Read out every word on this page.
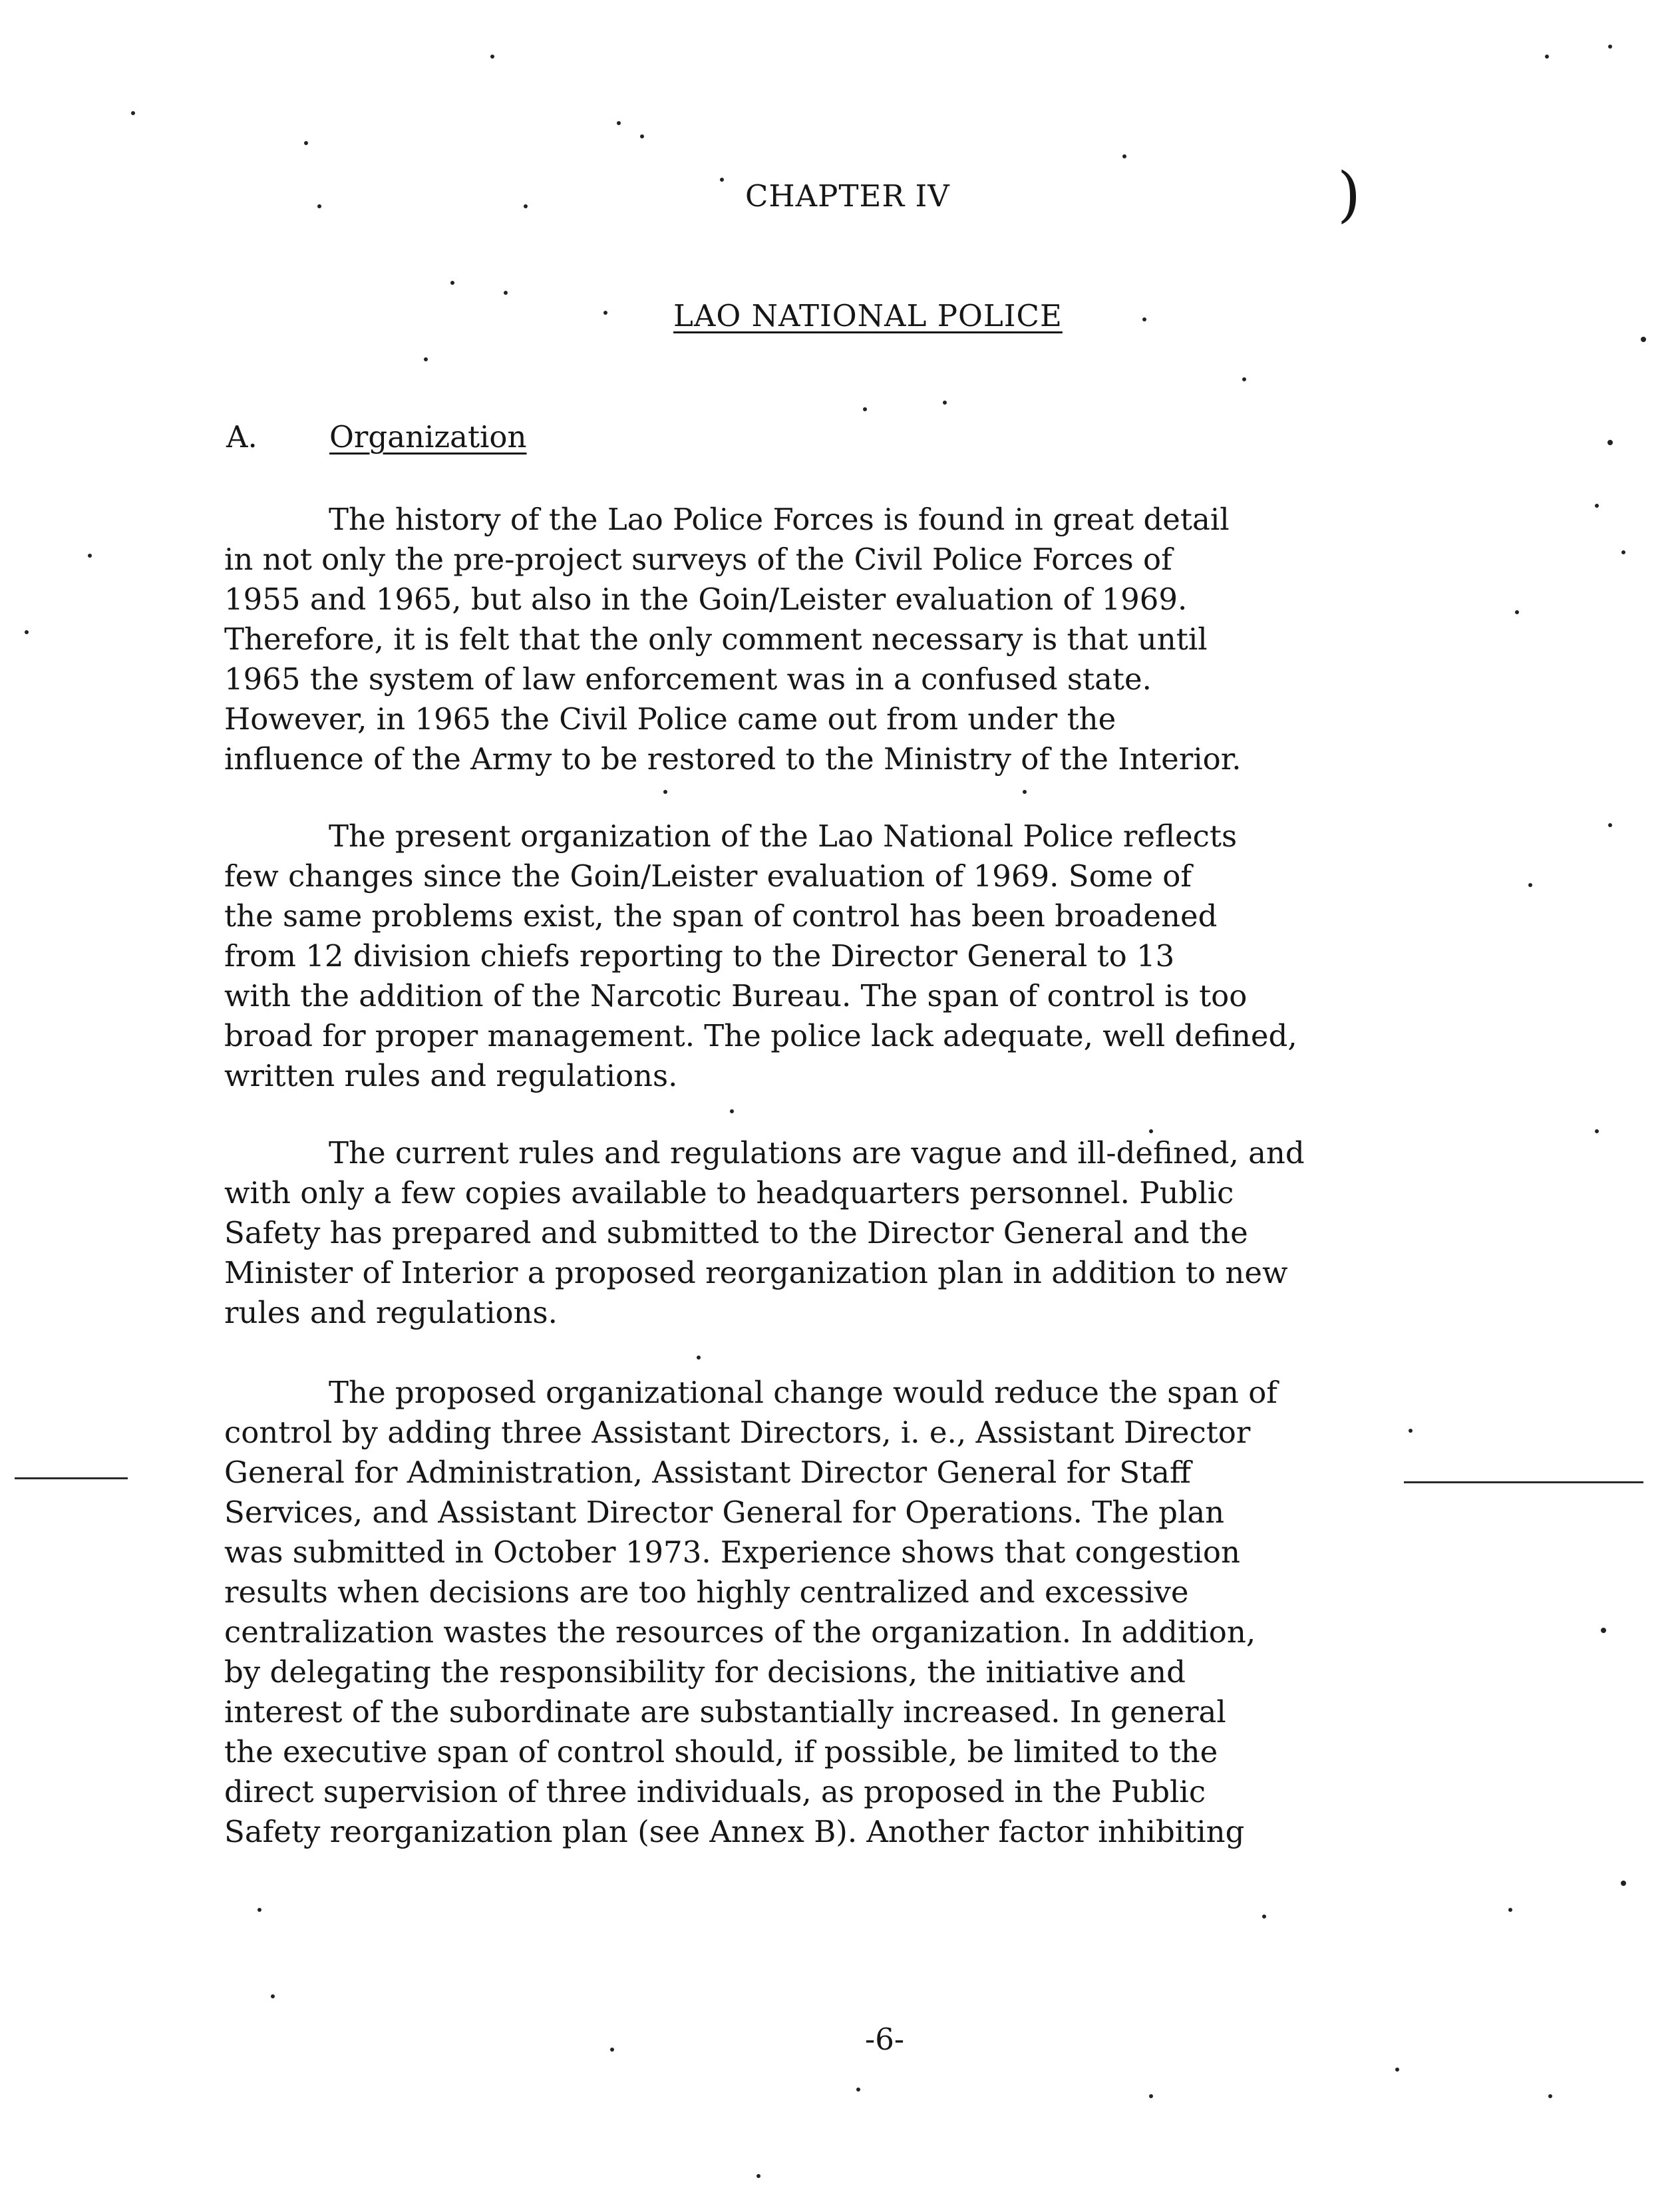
)
CHAPTER IV
LAO NATIONAL POLICE
A. Organization
The history of the Lao Police Forces is found in great detail
in not only the pre-project surveys of the Civil Police Forces of
1955 and 1965, but also in the Goin/Leister evaluation of 1969.
Therefore, it is felt that the only comment necessary is that until
1965 the system of law enforcement was in a confused state.
However, in 1965 the Civil Police came out from under the
influence of the Army to be restored to the Ministry of the Interior.
The present organization of the Lao National Police reflects
few changes since the Goin/Leister evaluation of 1969. Some of
the same problems exist, the span of control has been broadened
from 12 division chiefs reporting to the Director General to 13
with the addition of the Narcotic Bureau. The span of control is too
broad for proper management. The police lack adequate, well defined,
written rules and regulations.
The current rules and regulations are vague and ill-defined, and
with only a few copies available to headquarters personnel. Public
Safety has prepared and submitted to the Director General and the
Minister of Interior a proposed reorganization plan in addition to new
rules and regulations.
The proposed organizational change would reduce the span of
control by adding three Assistant Directors, i. e., Assistant Director
General for Administration, Assistant Director General for Staff
Services, and Assistant Director General for Operations. The plan
was submitted in October 1973. Experience shows that congestion
results when decisions are too highly centralized and excessive
centralization wastes the resources of the organization. In addition,
by delegating the responsibility for decisions, the initiative and
interest of the subordinate are substantially increased. In general
the executive span of control should, if possible, be limited to the
direct supervision of three individuals, as proposed in the Public
Safety reorganization plan (see Annex B). Another factor inhibiting
-6-
